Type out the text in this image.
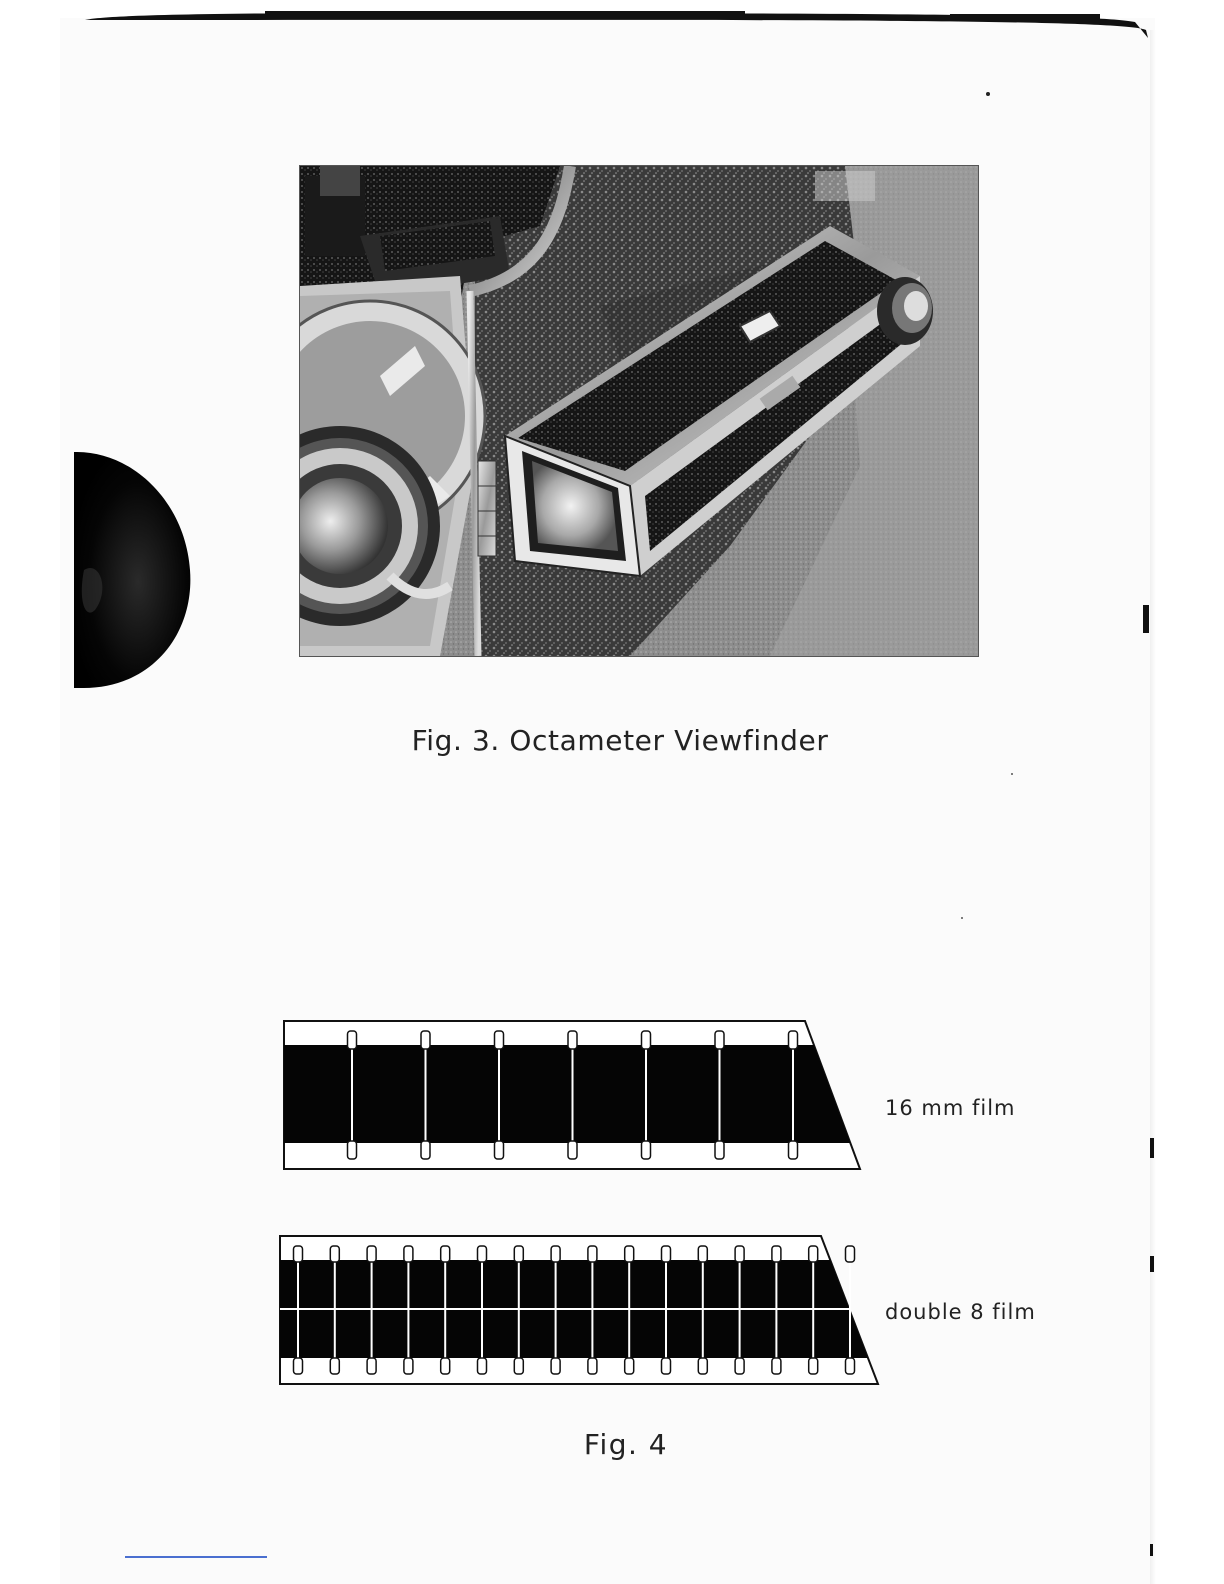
Fig. 3. Octameter Viewfinder
16 mm film
double 8 film
Fig. 4
